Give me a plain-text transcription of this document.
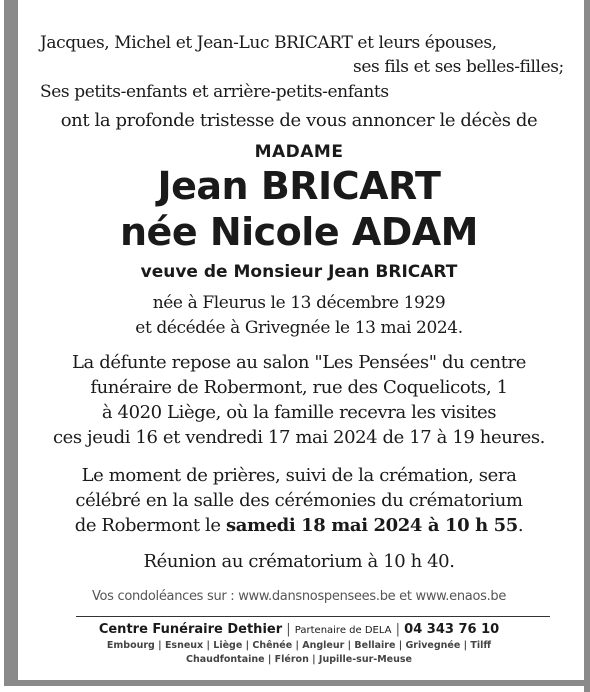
Jacques, Michel et Jean-Luc BRICART et leurs épouses,
ses fils et ses belles-filles;
Ses petits-enfants et arrière-petits-enfants
ont la profonde tristesse de vous annoncer le décès de
MADAME
Jean BRICART
née Nicole ADAM
veuve de Monsieur Jean BRICART
née à Fleurus le 13 décembre 1929
et décédée à Grivegnée le 13 mai 2024.
La défunte repose au salon "Les Pensées" du centre
funéraire de Robermont, rue des Coquelicots, 1
à 4020 Liège, où la famille recevra les visites
ces jeudi 16 et vendredi 17 mai 2024 de 17 à 19 heures.
Le moment de prières, suivi de la crémation, sera
célébré en la salle des cérémonies du crématorium
de Robermont le samedi 18 mai 2024 à 10 h 55.
Réunion au crématorium à 10 h 40.
Vos condoléances sur : www.dansnospensees.be et www.enaos.be
Centre Funéraire Dethier | Partenaire de DELA | 04 343 76 10
Embourg | Esneux | Liège | Chênée | Angleur | Bellaire | Grivegnée | Tilff
Chaudfontaine | Fléron | Jupille-sur-Meuse
